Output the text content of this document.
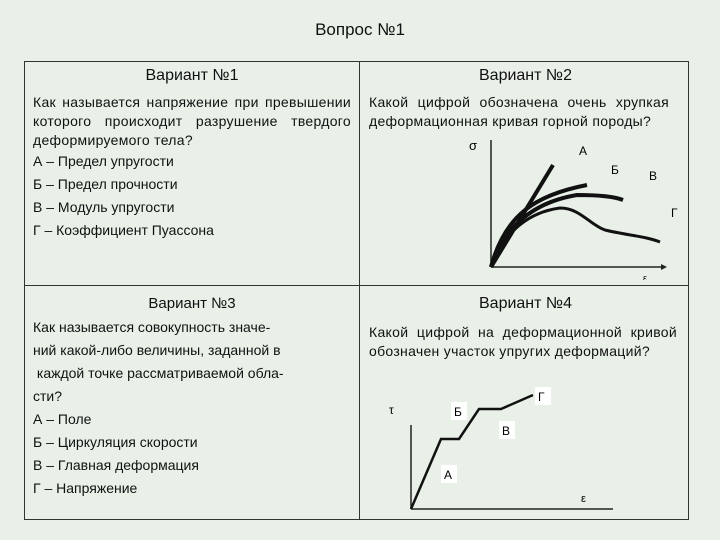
Вопрос №1
Вариант №1
Как называется напряжение при превышении которого происходит разрушение твердого деформируемого тела?
А – Предел упругости
Б – Предел прочности
В – Модуль упругости
Г – Коэффициент Пуассона
Вариант №2
Какой цифрой обозначена очень хрупкая деформационная кривая горной породы?
σ
ε
А
Б	В
Г
Вариант №3
Как называется совокупность значе-
ний какой-либо величины, заданной в
каждой точке рассматриваемой обла-
сти?
А – Поле
Б – Циркуляция скорости
В – Главная деформация
Г – Напряжение
Вариант №4
Какой цифрой на деформационной кривой обозначен участок упругих деформаций?
τ
ε
А
Б
В
Г
